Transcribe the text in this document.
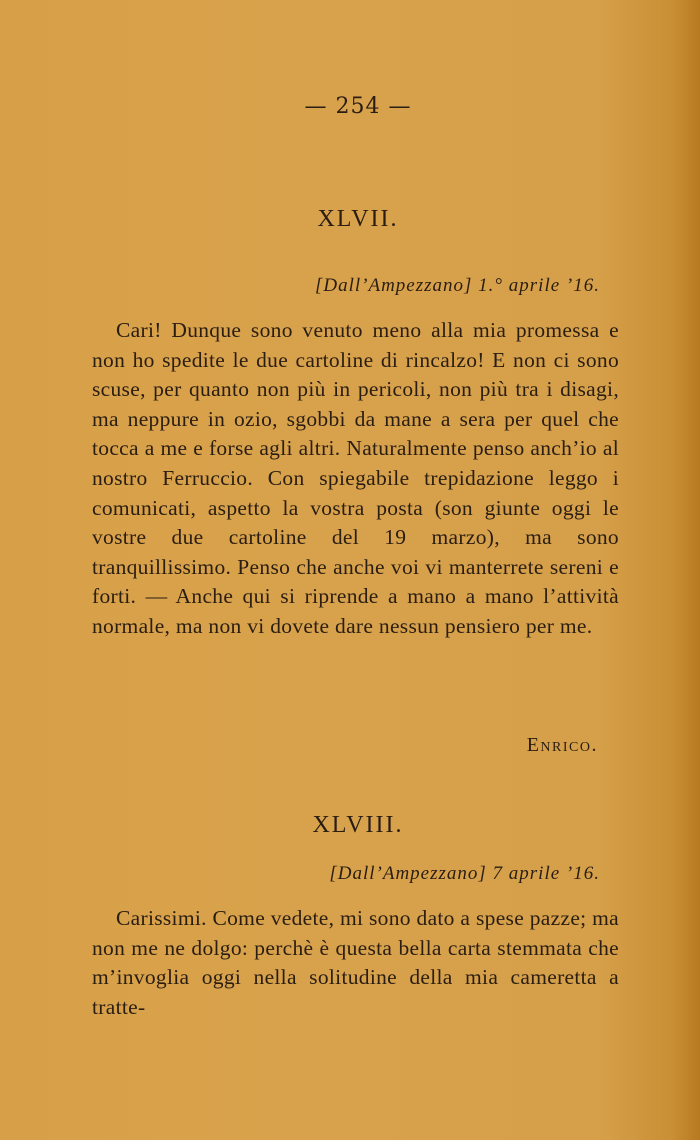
— 254 —
XLVII.
[Dall’Ampezzano] 1.° aprile ’16.

Cari! Dunque sono venuto meno alla mia promessa e non ho spedite le due cartoline di rincalzo! E non ci sono scuse, per quanto non più in pericoli, non più tra i disagi, ma neppure in ozio, sgobbi da mane a sera per quel che tocca a me e forse agli altri. Naturalmente penso anch’io al nostro Ferruccio. Con spiegabile trepidazione leggo i comunicati, aspetto la vostra posta (son giunte oggi le vostre due cartoline del 19 marzo), ma sono tranquillissimo. Penso che anche voi vi manterrete sereni e forti. — Anche qui si riprende a mano a mano l’attività normale, ma non vi dovete dare nessun pensiero per me.

Enrico.
XLVIII.
[Dall’Ampezzano] 7 aprile ’16.

Carissimi. Come vedete, mi sono dato a spese pazze; ma non me ne dolgo: perchè è questa bella carta stemmata che m’invoglia oggi nella solitudine della mia cameretta a tratte-
